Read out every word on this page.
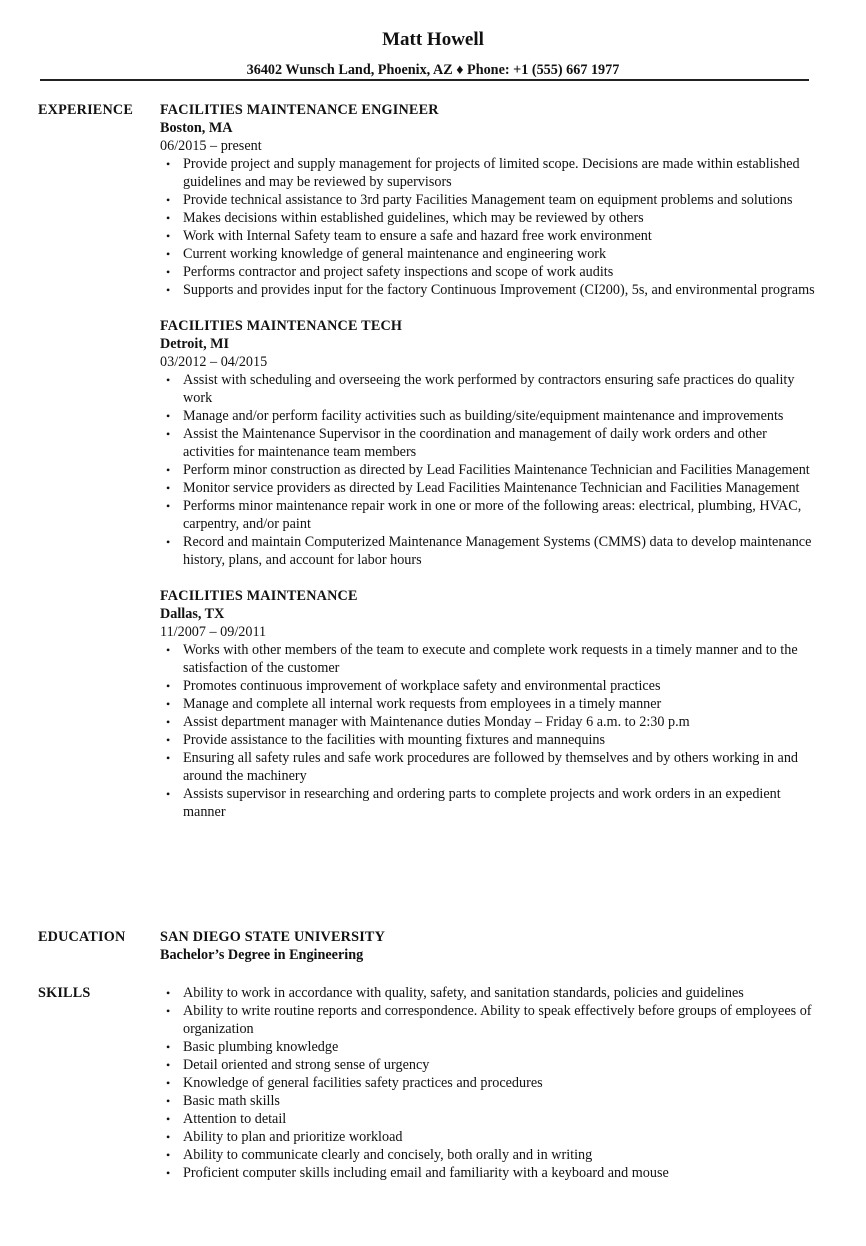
Matt Howell
36402 Wunsch Land, Phoenix, AZ ♦ Phone: +1 (555) 667 1977
EXPERIENCE FACILITIES MAINTENANCE ENGINEER
Boston, MA
06/2015 – present
• Provide project and supply management for projects of limited scope. Decisions are made within established guidelines and may be reviewed by supervisors
• Provide technical assistance to 3rd party Facilities Management team on equipment problems and solutions
• Makes decisions within established guidelines, which may be reviewed by others
• Work with Internal Safety team to ensure a safe and hazard free work environment
• Current working knowledge of general maintenance and engineering work
• Performs contractor and project safety inspections and scope of work audits
• Supports and provides input for the factory Continuous Improvement (CI200), 5s, and environmental programs
FACILITIES MAINTENANCE TECH
Detroit, MI
03/2012 – 04/2015
• Assist with scheduling and overseeing the work performed by contractors ensuring safe practices do quality work
• Manage and/or perform facility activities such as building/site/equipment maintenance and improvements
• Assist the Maintenance Supervisor in the coordination and management of daily work orders and other activities for maintenance team members
• Perform minor construction as directed by Lead Facilities Maintenance Technician and Facilities Management
• Monitor service providers as directed by Lead Facilities Maintenance Technician and Facilities Management
• Performs minor maintenance repair work in one or more of the following areas: electrical, plumbing, HVAC, carpentry, and/or paint
• Record and maintain Computerized Maintenance Management Systems (CMMS) data to develop maintenance history, plans, and account for labor hours
FACILITIES MAINTENANCE
Dallas, TX
11/2007 – 09/2011
• Works with other members of the team to execute and complete work requests in a timely manner and to the satisfaction of the customer
• Promotes continuous improvement of workplace safety and environmental practices
• Manage and complete all internal work requests from employees in a timely manner
• Assist department manager with Maintenance duties Monday – Friday 6 a.m. to 2:30 p.m
• Provide assistance to the facilities with mounting fixtures and mannequins
• Ensuring all safety rules and safe work procedures are followed by themselves and by others working in and around the machinery
• Assists supervisor in researching and ordering parts to complete projects and work orders in an expedient manner
EDUCATION SAN DIEGO STATE UNIVERSITY
Bachelor’s Degree in Engineering
SKILLS
•	Ability to work in accordance with quality, safety, and sanitation standards, policies and guidelines
• Ability to write routine reports and correspondence. Ability to speak effectively before groups of employees of organization
• Basic plumbing knowledge
• Detail oriented and strong sense of urgency
• Knowledge of general facilities safety practices and procedures
• Basic math skills
• Attention to detail
• Ability to plan and prioritize workload
• Ability to communicate clearly and concisely, both orally and in writing
• Proficient computer skills including email and familiarity with a keyboard and mouse
